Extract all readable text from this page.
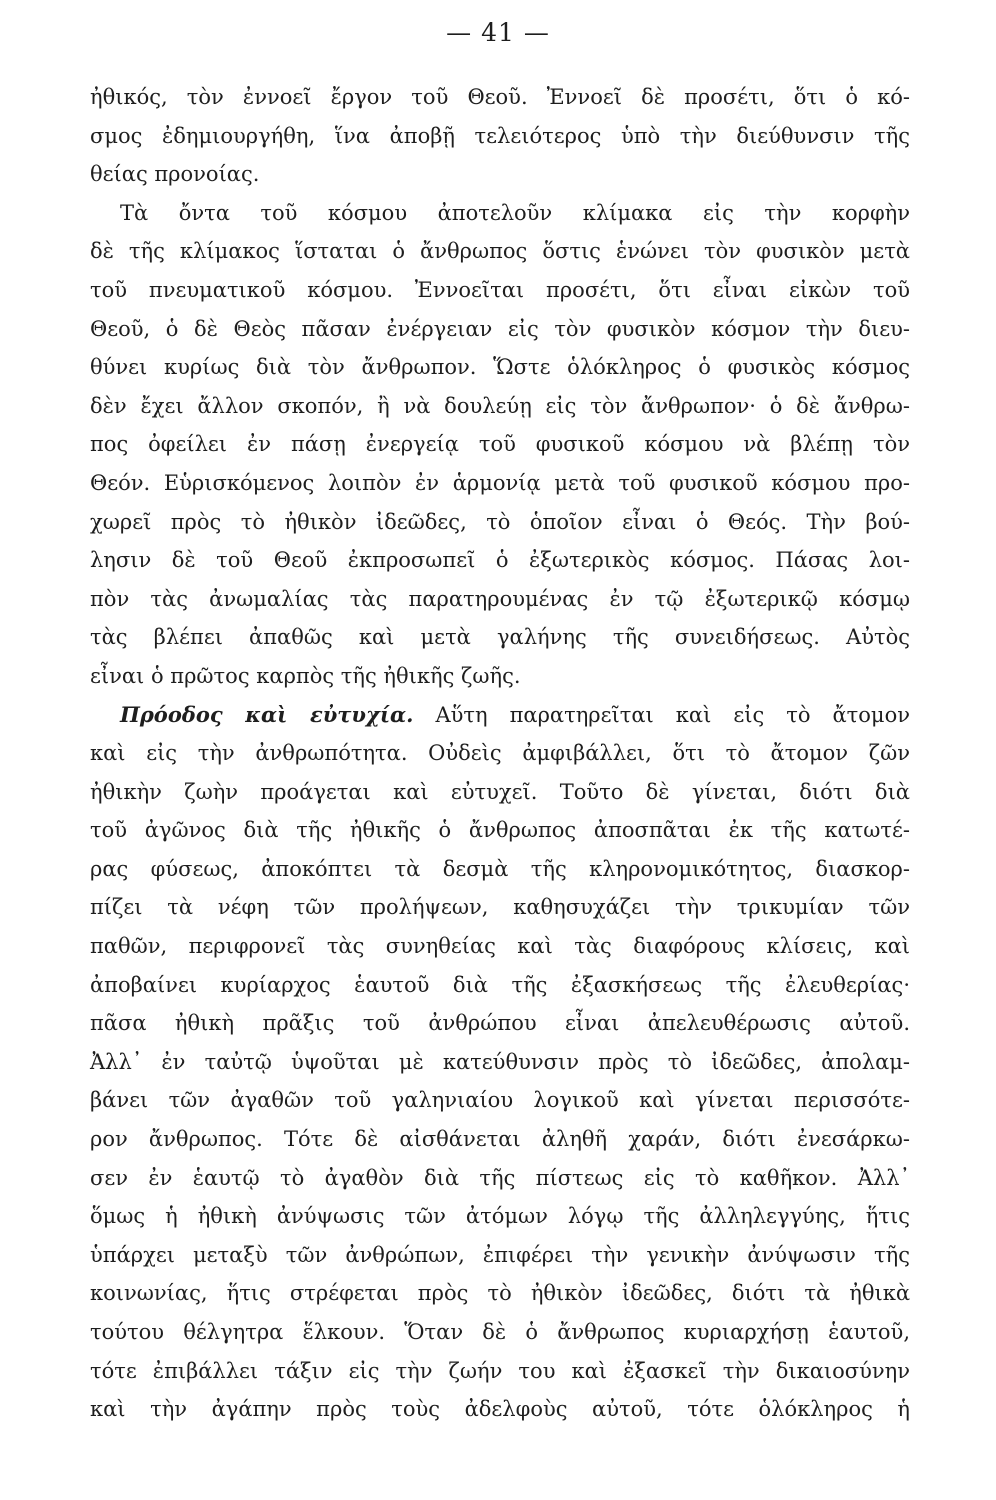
— 41 —
ἠθικός, τὸν ἐννοεῖ ἔργον τοῦ Θεοῦ. Ἐννοεῖ δὲ προσέτι, ὅτι ὁ κό-
σμος ἐδημιουργήθη, ἵνα ἀποβῇ τελειότερος ὑπὸ τὴν διεύθυνσιν τῆς
θείας προνοίας.
Τὰ ὄντα τοῦ κόσμου ἀποτελοῦν κλίμακα εἰς τὴν κορφὴν
δὲ τῆς κλίμακος ἵσταται ὁ ἄνθρωπος ὅστις ἑνώνει τὸν φυσικὸν μετὰ
τοῦ πνευματικοῦ κόσμου. Ἐννοεῖται προσέτι, ὅτι εἶναι εἰκὼν τοῦ
Θεοῦ, ὁ δὲ Θεὸς πᾶσαν ἐνέργειαν εἰς τὸν φυσικὸν κόσμον τὴν διευ-
θύνει κυρίως διὰ τὸν ἄνθρωπον. Ὥστε ὁλόκληρος ὁ φυσικὸς κόσμος
δὲν ἔχει ἄλλον σκοπόν, ἢ νὰ δουλεύῃ εἰς τὸν ἄνθρωπον· ὁ δὲ ἄνθρω-
πος ὀφείλει ἐν πάσῃ ἐνεργείᾳ τοῦ φυσικοῦ κόσμου νὰ βλέπῃ τὸν
Θεόν. Εὑρισκόμενος λοιπὸν ἐν ἁρμονίᾳ μετὰ τοῦ φυσικοῦ κόσμου προ-
χωρεῖ πρὸς τὸ ἠθικὸν ἰδεῶδες, τὸ ὁποῖον εἶναι ὁ Θεός. Τὴν βού-
λησιν δὲ τοῦ Θεοῦ ἐκπροσωπεῖ ὁ ἐξωτερικὸς κόσμος. Πάσας λοι-
πὸν τὰς ἀνωμαλίας τὰς παρατηρουμένας ἐν τῷ ἐξωτερικῷ κόσμῳ
τὰς βλέπει ἀπαθῶς καὶ μετὰ γαλήνης τῆς συνειδήσεως. Αὐτὸς
εἶναι ὁ πρῶτος καρπὸς τῆς ἠθικῆς ζωῆς.
Πρόοδος καὶ εὐτυχία. Αὕτη παρατηρεῖται καὶ εἰς τὸ ἄτομον
καὶ εἰς τὴν ἀνθρωπότητα. Οὐδεὶς ἀμφιβάλλει, ὅτι τὸ ἄτομον ζῶν
ἠθικὴν ζωὴν προάγεται καὶ εὐτυχεῖ. Τοῦτο δὲ γίνεται, διότι διὰ
τοῦ ἀγῶνος διὰ τῆς ἠθικῆς ὁ ἄνθρωπος ἀποσπᾶται ἐκ τῆς κατωτέ-
ρας φύσεως, ἀποκόπτει τὰ δεσμὰ τῆς κληρονομικότητος, διασκορ-
πίζει τὰ νέφη τῶν προλήψεων, καθησυχάζει τὴν τρικυμίαν τῶν
παθῶν, περιφρονεῖ τὰς συνηθείας καὶ τὰς διαφόρους κλίσεις, καὶ
ἀποβαίνει κυρίαρχος ἑαυτοῦ διὰ τῆς ἐξασκήσεως τῆς ἐλευθερίας·
πᾶσα ἠθικὴ πρᾶξις τοῦ ἀνθρώπου εἶναι ἀπελευθέρωσις αὐτοῦ.
Ἀλλ᾽ ἐν ταὐτῷ ὑψοῦται μὲ κατεύθυνσιν πρὸς τὸ ἰδεῶδες, ἀπολαμ-
βάνει τῶν ἀγαθῶν τοῦ γαληνιαίου λογικοῦ καὶ γίνεται περισσότε-
ρον ἄνθρωπος. Τότε δὲ αἰσθάνεται ἀληθῆ χαράν, διότι ἐνεσάρκω-
σεν ἐν ἑαυτῷ τὸ ἀγαθὸν διὰ τῆς πίστεως εἰς τὸ καθῆκον. Ἀλλ᾽
ὅμως ἡ ἠθικὴ ἀνύψωσις τῶν ἀτόμων λόγῳ τῆς ἀλληλεγγύης, ἥτις
ὑπάρχει μεταξὺ τῶν ἀνθρώπων, ἐπιφέρει τὴν γενικὴν ἀνύψωσιν τῆς
κοινωνίας, ἥτις στρέφεται πρὸς τὸ ἠθικὸν ἰδεῶδες, διότι τὰ ἠθικὰ
τούτου θέλγητρα ἕλκουν. Ὅταν δὲ ὁ ἄνθρωπος κυριαρχήσῃ ἑαυτοῦ,
τότε ἐπιβάλλει τάξιν εἰς τὴν ζωήν του καὶ ἐξασκεῖ τὴν δικαιοσύνην
καὶ τὴν ἀγάπην πρὸς τοὺς ἀδελφοὺς αὐτοῦ, τότε ὁλόκληρος ἡ
